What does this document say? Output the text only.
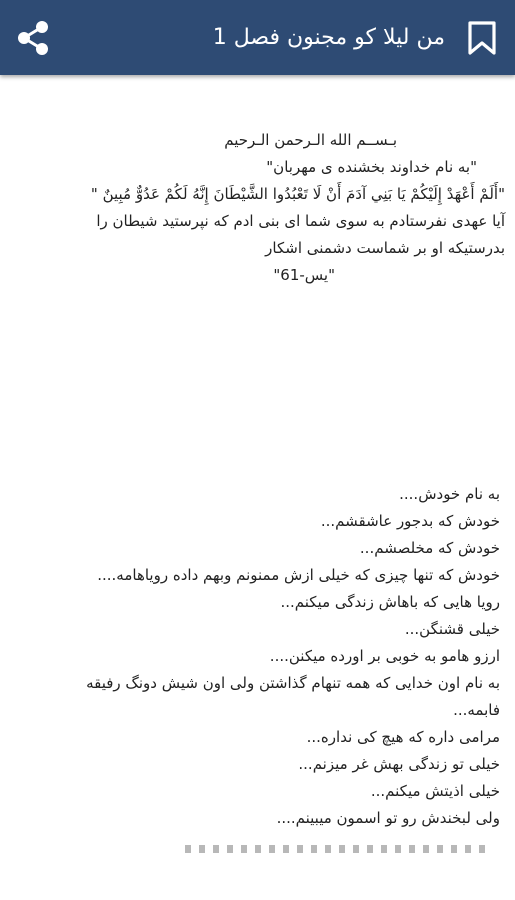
من لیلا کو مجنون فصل 1
بـســم الله الـرحمن الـرحيم
"به نام خداوند بخشنده ی مهربان"
"أَلَمْ أَعْهَدْ إِلَيْكُمْ يَا بَنِي آدَمَ أَنْ لَا تَعْبُدُوا الشَّيْطَانَ إِنَّهُ لَكُمْ عَدُوٌّ مُبِينٌ "
آیا عهدی نفرستادم به سوی شما ای بنی ادم که نپرستید شیطان را
بدرستیکه او بر شماست دشمنی اشکار
"یس-61"
به نام خودش....
خودش که بدجور عاشقشم...
خودش که مخلصشم...
خودش که تنها چیزی که خیلی ازش ممنونم وبهم داده رویاهامه....
رویا هایی که باهاش زندگی میکنم...
خیلی قشنگن...
ارزو هامو به خوبی بر اورده میکنن....
به نام اون خدایی که همه تنهام گذاشتن ولی اون شیش دونگ رفیقه
فابمه...
مرامی داره که هیچ کی نداره...
خیلی تو زندگی بهش غر میزنم...
خیلی اذیتش میکنم...
ولی لبخندش رو تو اسمون میبینم....
